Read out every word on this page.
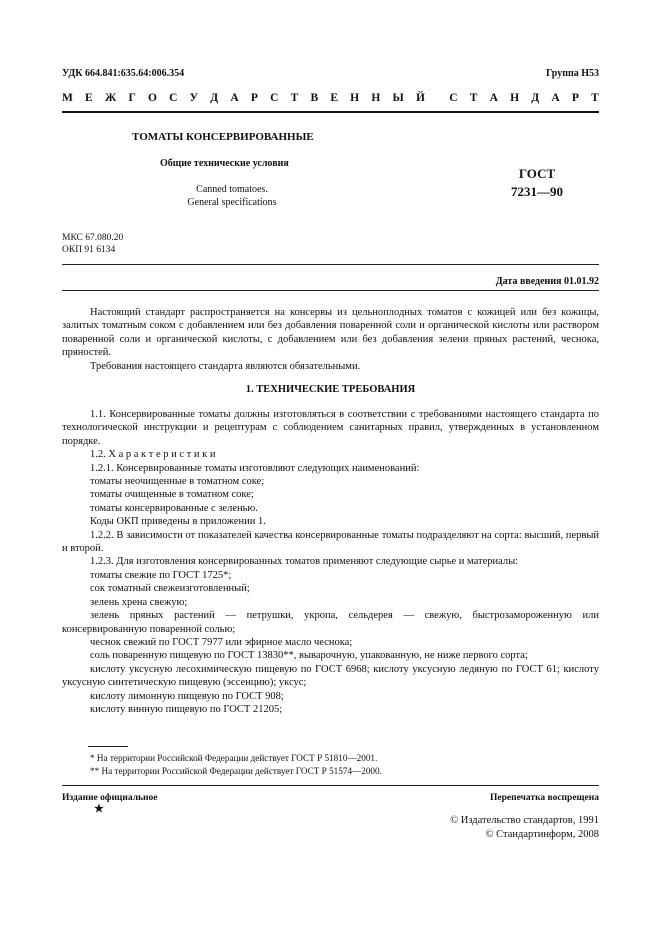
УДК 664.841:635.64:006.354	Группа Н53
М Е Ж Г О С У Д А Р С Т В Е Н Н Ы Й С Т А Н Д А Р Т
ТОМАТЫ КОНСЕРВИРОВАННЫЕ
Общие технические условия
Canned tomatoes.
General specifications
ГОСТ
7231—90
МКС 67.080.20
ОКП 91 6134
Дата введения 01.01.92

Настоящий стандарт распространяется на консервы из цельноплодных томатов с кожицей или без кожицы, залитых томатным соком с добавлением или без добавления поваренной соли и органической кислоты или раствором поваренной соли и органической кислоты, с добавлением или без добавления зелени пряных растений, чеснока, пряностей.

Требования настоящего стандарта являются обязательными.

1. ТЕХНИЧЕСКИЕ ТРЕБОВАНИЯ

1.1. Консервированные томаты должны изготовляться в соответствии с требованиями настоящего стандарта по технологической инструкции и рецептурам с соблюдением санитарных правил, утвержденных в установленном порядке.

1.2. Х а р а к т е р и с т и к и

1.2.1. Консервированные томаты изготовляют следующих наименований:

томаты неочищенные в томатном соке;

томаты очищенные в томатном соке;

томаты консервированные с зеленью.

Коды ОКП приведены в приложении 1.

1.2.2. В зависимости от показателей качества консервированные томаты подразделяют на сорта: высший, первый и второй.

1.2.3. Для изготовления консервированных томатов применяют следующие сырье и материалы:

томаты свежие по ГОСТ 1725*;

сок томатный свежеизготовленный;

зелень хрена свежую;

зелень пряных растений — петрушки, укропа, сельдерея — свежую, быстрозамороженную или консервированную поваренной солью;

чеснок свежий по ГОСТ 7977 или эфирное масло чеснока;

соль поваренную пищевую по ГОСТ 13830**, выварочную, упакованную, не ниже первого сорта;

кислоту уксусную лесохимическую пищевую по ГОСТ 6968; кислоту уксусную ледяную по ГОСТ 61; кислоту уксусную синтетическую пищевую (эссенцию); уксус;

кислоту лимонную пищевую по ГОСТ 908;

кислоту винную пищевую по ГОСТ 21205;

* На территории Российской Федерации действует ГОСТ Р 51810—2001.

** На территории Российской Федерации действует ГОСТ Р 51574—2000.

Издание официальное
★
Перепечатка воспрещена
© Издательство стандартов, 1991
© Стандартинформ, 2008
